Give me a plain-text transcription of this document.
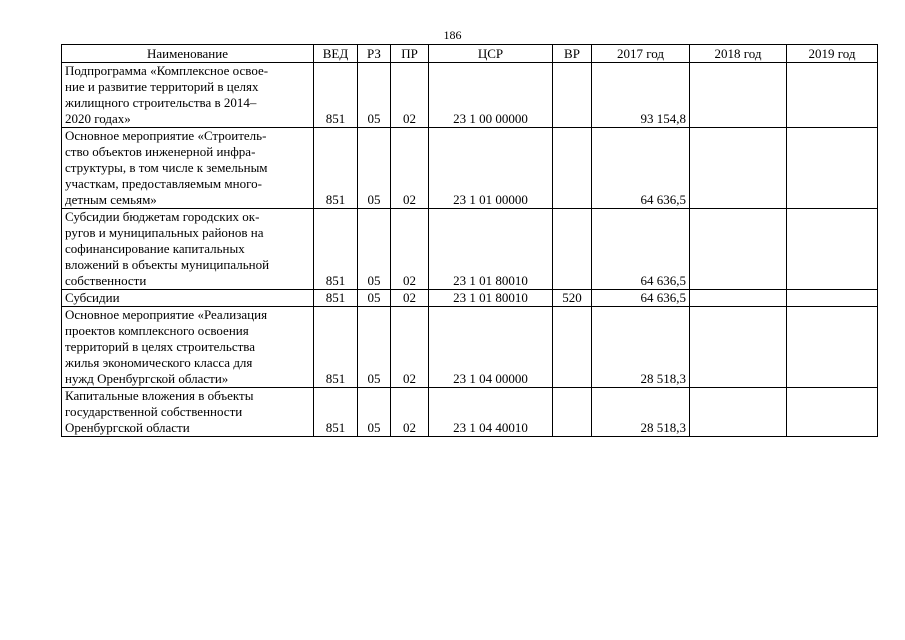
186
Наименование	ВЕД	РЗ	ПР	ЦСР	ВР	2017 год	2018 год	2019 год

Подпрограмма «Комплексное освое-
ние и развитие территорий в целях
жилищного строительства в 2014–
2020 годах»	851	05	02	23 1 00 00000		93 154,8		

Основное мероприятие «Строитель-
ство объектов инженерной инфра-
структуры, в том числе к земельным
участкам, предоставляемым много-
детным семьям»	851	05	02	23 1 01 00000		64 636,5		

Субсидии бюджетам городских ок-
ругов и муниципальных районов на
софинансирование капитальных
вложений в объекты муниципальной
собственности	851	05	02	23 1 01 80010		64 636,5		

Субсидии	851	05	02	23 1 01 80010	520	64 636,5		

Основное мероприятие «Реализация
проектов комплексного освоения
территорий в целях строительства
жилья экономического класса для
нужд Оренбургской области»	851	05	02	23 1 04 00000		28 518,3		

Капитальные вложения в объекты
государственной собственности
Оренбургской области	851	05	02	23 1 04 40010		28 518,3		
